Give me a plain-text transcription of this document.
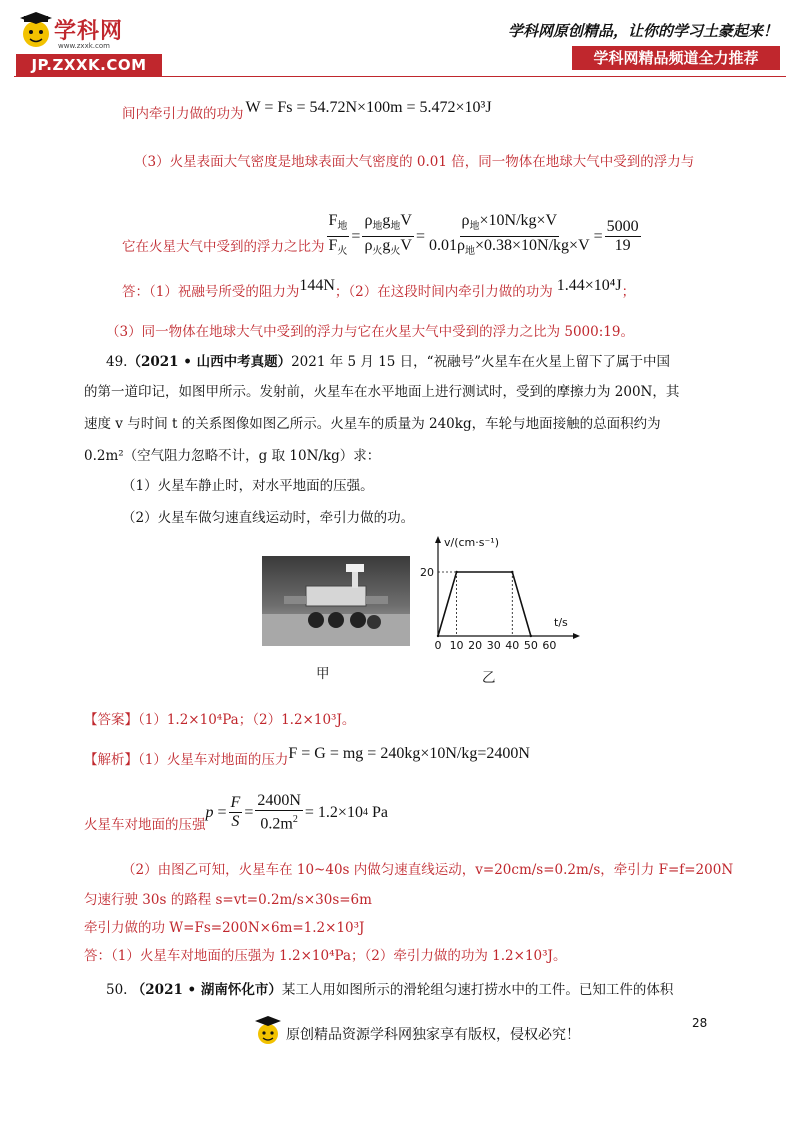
学科网
www.zxxk.com
JP.ZXXK.COM
学科网原创精品，让你的学习土豪起来！
学科网精品频道全力推荐
间内牵引力做的功为 W = Fs = 54.72N×100m = 5.472×10³J
（3）火星表面大气密度是地球表面大气密度的 0.01 倍，同一物体在地球大气中受到的浮力与
它在火星大气中受到的浮力之比为 $\frac{F_地}{F_火} = \frac{\rho_地g_地V}{\rho_火g_火V} = \frac{\rho_地\times 10N/kg\times V}{0.01\rho_地\times 0.38\times 10N/kg\times V} = \frac{5000}{19}$
答：（1）祝融号所受的阻力为144N；（2）在这段时间内牵引力做的功为 1.44×10⁴J；
（3）同一物体在地球大气中受到的浮力与它在火星大气中受到的浮力之比为 5000:19。
49.（2021 • 山西中考真题）2021 年 5 月 15 日，“祝融号”火星车在火星上留下了属于中国
的第一道印记，如图甲所示。发射前，火星车在水平地面上进行测试时，受到的摩擦力为 200N，其
速度 v 与时间 t 的关系图像如图乙所示。火星车的质量为 240kg，车轮与地面接触的总面积约为
0.2m²（空气阻力忽略不计，g 取 10N/kg）求：
（1）火星车静止时，对水平地面的压强。
（2）火星车做匀速直线运动时，牵引力做的功。
甲
v/(cm·s⁻¹)
t/s
0 10 20 30 40 50 60
20
乙
【答案】（1）1.2×10⁴Pa；（2）1.2×10³J。
【解析】（1）火星车对地面的压力F = G = mg = 240kg×10N/kg=2400N
火星车对地面的压强
$p = \frac{F}{S} = \frac{2400N}{0.2m^2} = 1.2\times 10$ 4 Pa
（2）由图乙可知，火星车在 10~40s 内做匀速直线运动，v=20cm/s=0.2m/s，牵引力 F=f=200N
匀速行驶 30s 的路程 s=vt=0.2m/s×30s=6m
牵引力做的功 W=Fs=200N×6m=1.2×10³J
答：（1）火星车对地面的压强为 1.2×10⁴Pa；（2）牵引力做的功为 1.2×10³J。
50. （2021 • 湖南怀化市）某工人用如图所示的滑轮组匀速打捞水中的工件。已知工件的体积
28
原创精品资源学科网独家享有版权，侵权必究！
